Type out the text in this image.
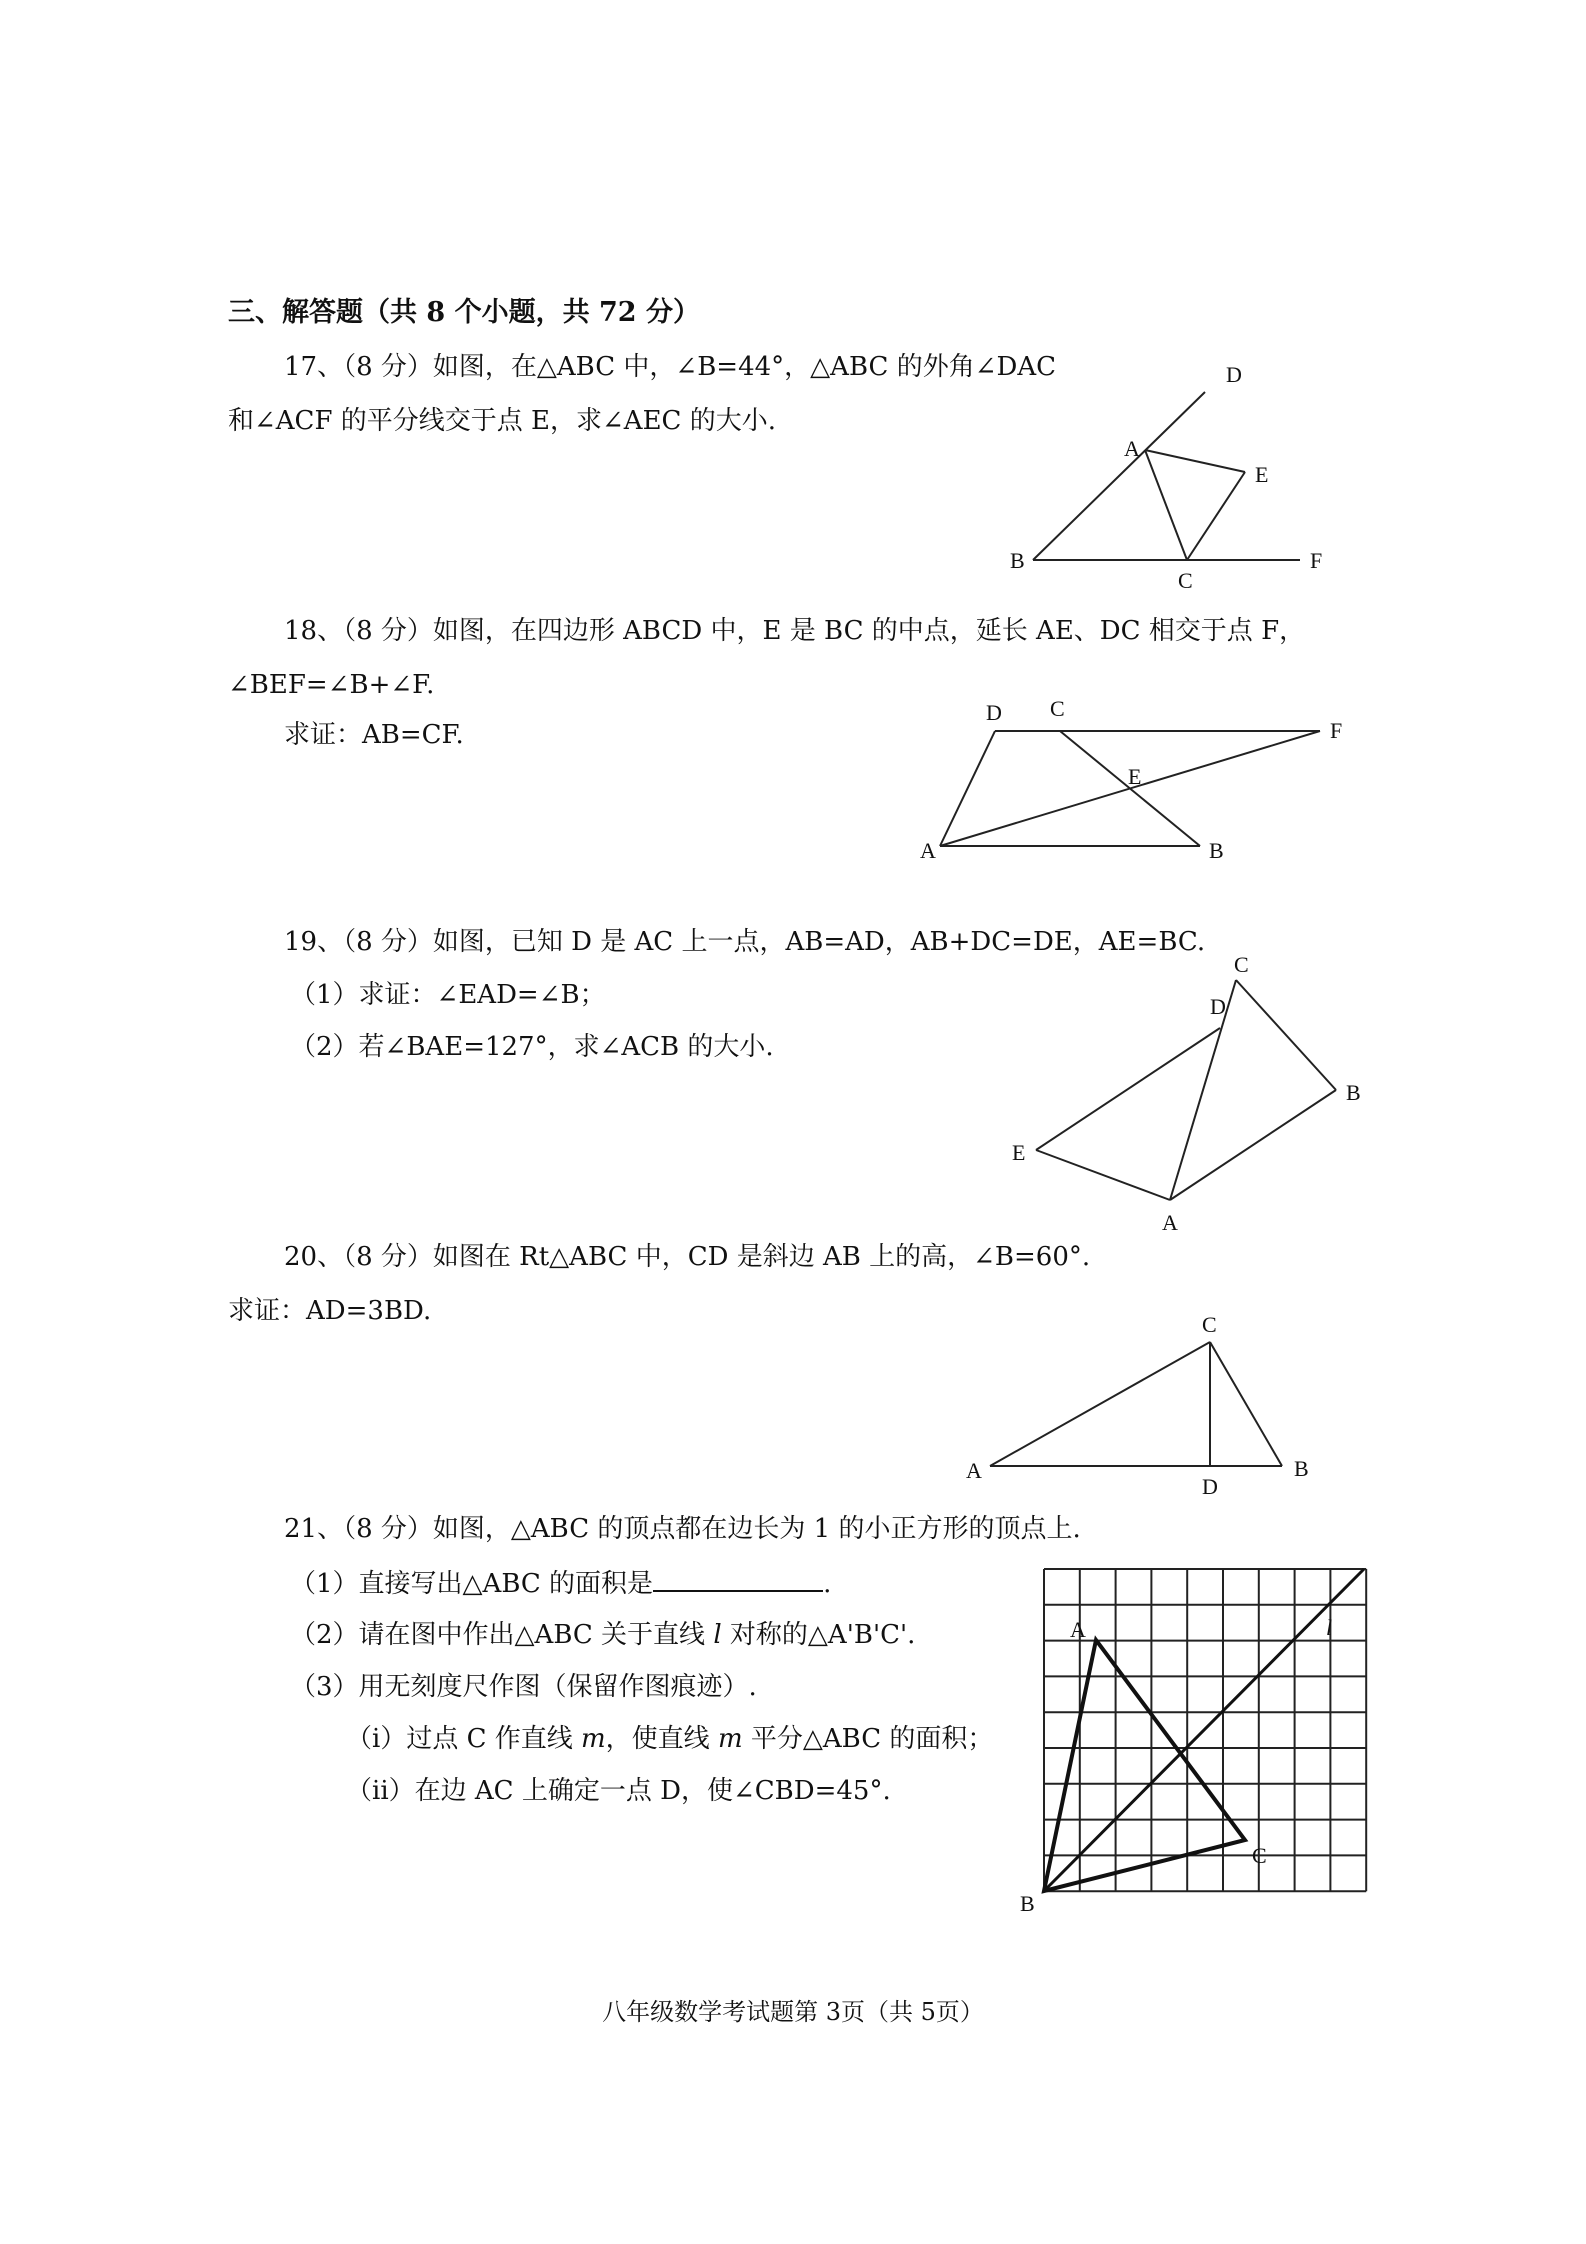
三、解答题（共 8 个小题，共 72 分）
17、（8 分）如图，在△ABC 中，∠B=44°，△ABC 的外角∠DAC
和∠ACF 的平分线交于点 E，求∠AEC 的大小.
D
A
E
B
C
F
18、（8 分）如图，在四边形 ABCD 中，E 是 BC 的中点，延长 AE、DC 相交于点 F，
∠BEF=∠B+∠F.
求证：AB=CF.
D C
F
E
A	B
19、（8 分）如图，已知 D 是 AC 上一点，AB=AD，AB+DC=DE，AE=BC.
（1）求证：∠EAD=∠B；
（2）若∠BAE=127°，求∠ACB 的大小.
C
D
B
E
A
20、（8 分）如图在 Rt△ABC 中，CD 是斜边 AB 上的高，∠B=60°.
求证：AD=3BD.	C
A
D
B
21、（8 分）如图，△ABC 的顶点都在边长为 1 的小正方形的顶点上.
（1）直接写出△ABC 的面积是	.
（2）请在图中作出△ABC 关于直线 l 对称的△A'B'C'.
（3）用无刻度尺作图（保留作图痕迹）.
（i）过点 C 作直线 m，使直线 m 平分△ABC 的面积；
（ii）在边 AC 上确定一点 D，使∠CBD=45°.
A
B
C
l
八年级数学考试题第 3页（共 5页）
